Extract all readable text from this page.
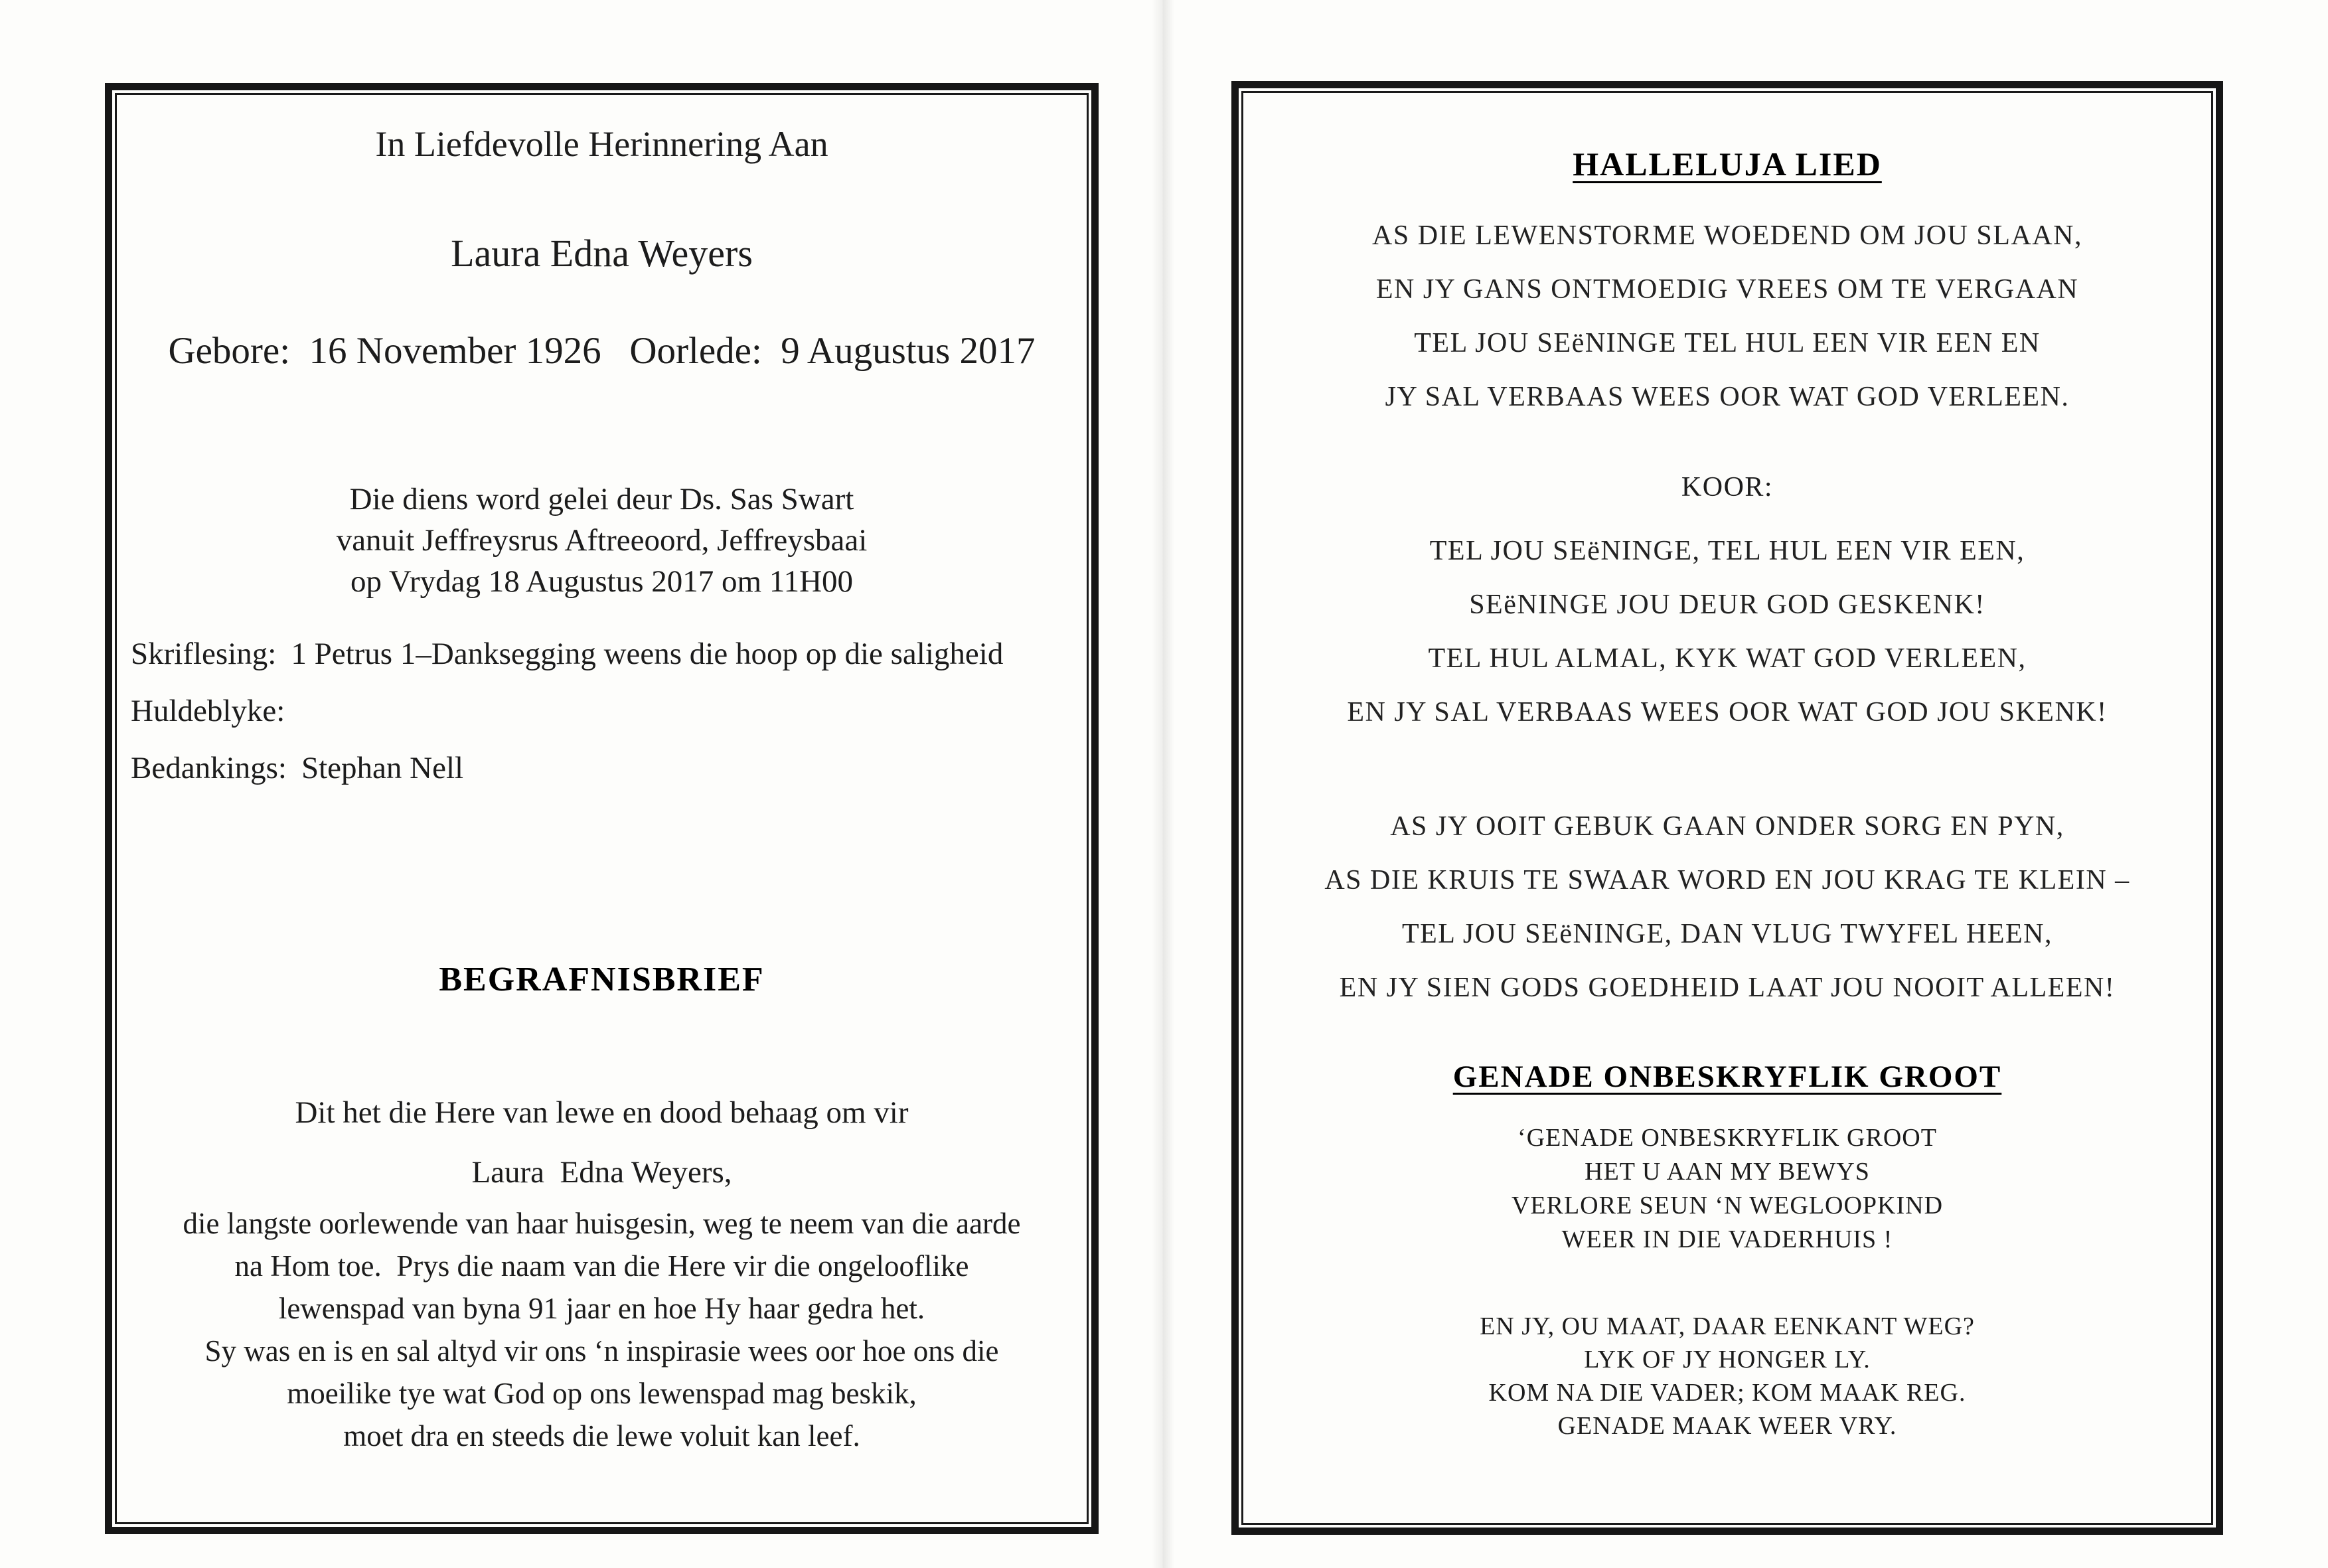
In Liefdevolle Herinnering Aan
Laura Edna Weyers
Gebore:  16 November 1926   Oorlede:  9 Augustus 2017
Die diens word gelei deur Ds. Sas Swart
vanuit Jeffreysrus Aftreeoord, Jeffreysbaai
op Vrydag 18 Augustus 2017 om 11H00
Skriflesing: 1 Petrus 1–Danksegging weens die hoop op die saligheid
Huldeblyke:
Bedankings: Stephan Nell
BEGRAFNISBRIEF
Dit het die Here van lewe en dood behaag om vir
Laura  Edna Weyers,
die langste oorlewende van haar huisgesin, weg te neem van die aarde
na Hom toe.  Prys die naam van die Here vir die ongelooflike
lewenspad van byna 91 jaar en hoe Hy haar gedra het.
Sy was en is en sal altyd vir ons ‘n inspirasie wees oor hoe ons die
moeilike tye wat God op ons lewenspad mag beskik,
moet dra en steeds die lewe voluit kan leef.
HALLELUJA LIED
AS DIE LEWENSTORME WOEDEND OM JOU SLAAN,
EN JY GANS ONTMOEDIG VREES OM TE VERGAAN
TEL JOU SEëNINGE TEL HUL EEN VIR EEN EN
JY SAL VERBAAS WEES OOR WAT GOD VERLEEN.
KOOR:
TEL JOU SEëNINGE, TEL HUL EEN VIR EEN,
SEëNINGE JOU DEUR GOD GESKENK!
TEL HUL ALMAL, KYK WAT GOD VERLEEN,
EN JY SAL VERBAAS WEES OOR WAT GOD JOU SKENK!
AS JY OOIT GEBUK GAAN ONDER SORG EN PYN,
AS DIE KRUIS TE SWAAR WORD EN JOU KRAG TE KLEIN –
TEL JOU SEëNINGE, DAN VLUG TWYFEL HEEN,
EN JY SIEN GODS GOEDHEID LAAT JOU NOOIT ALLEEN!
GENADE ONBESKRYFLIK GROOT
‘GENADE ONBESKRYFLIK GROOT
HET U AAN MY BEWYS
VERLORE SEUN ‘N WEGLOOPKIND
WEER IN DIE VADERHUIS !
EN JY, OU MAAT, DAAR EENKANT WEG?
LYK OF JY HONGER LY.
KOM NA DIE VADER; KOM MAAK REG.
GENADE MAAK WEER VRY.
